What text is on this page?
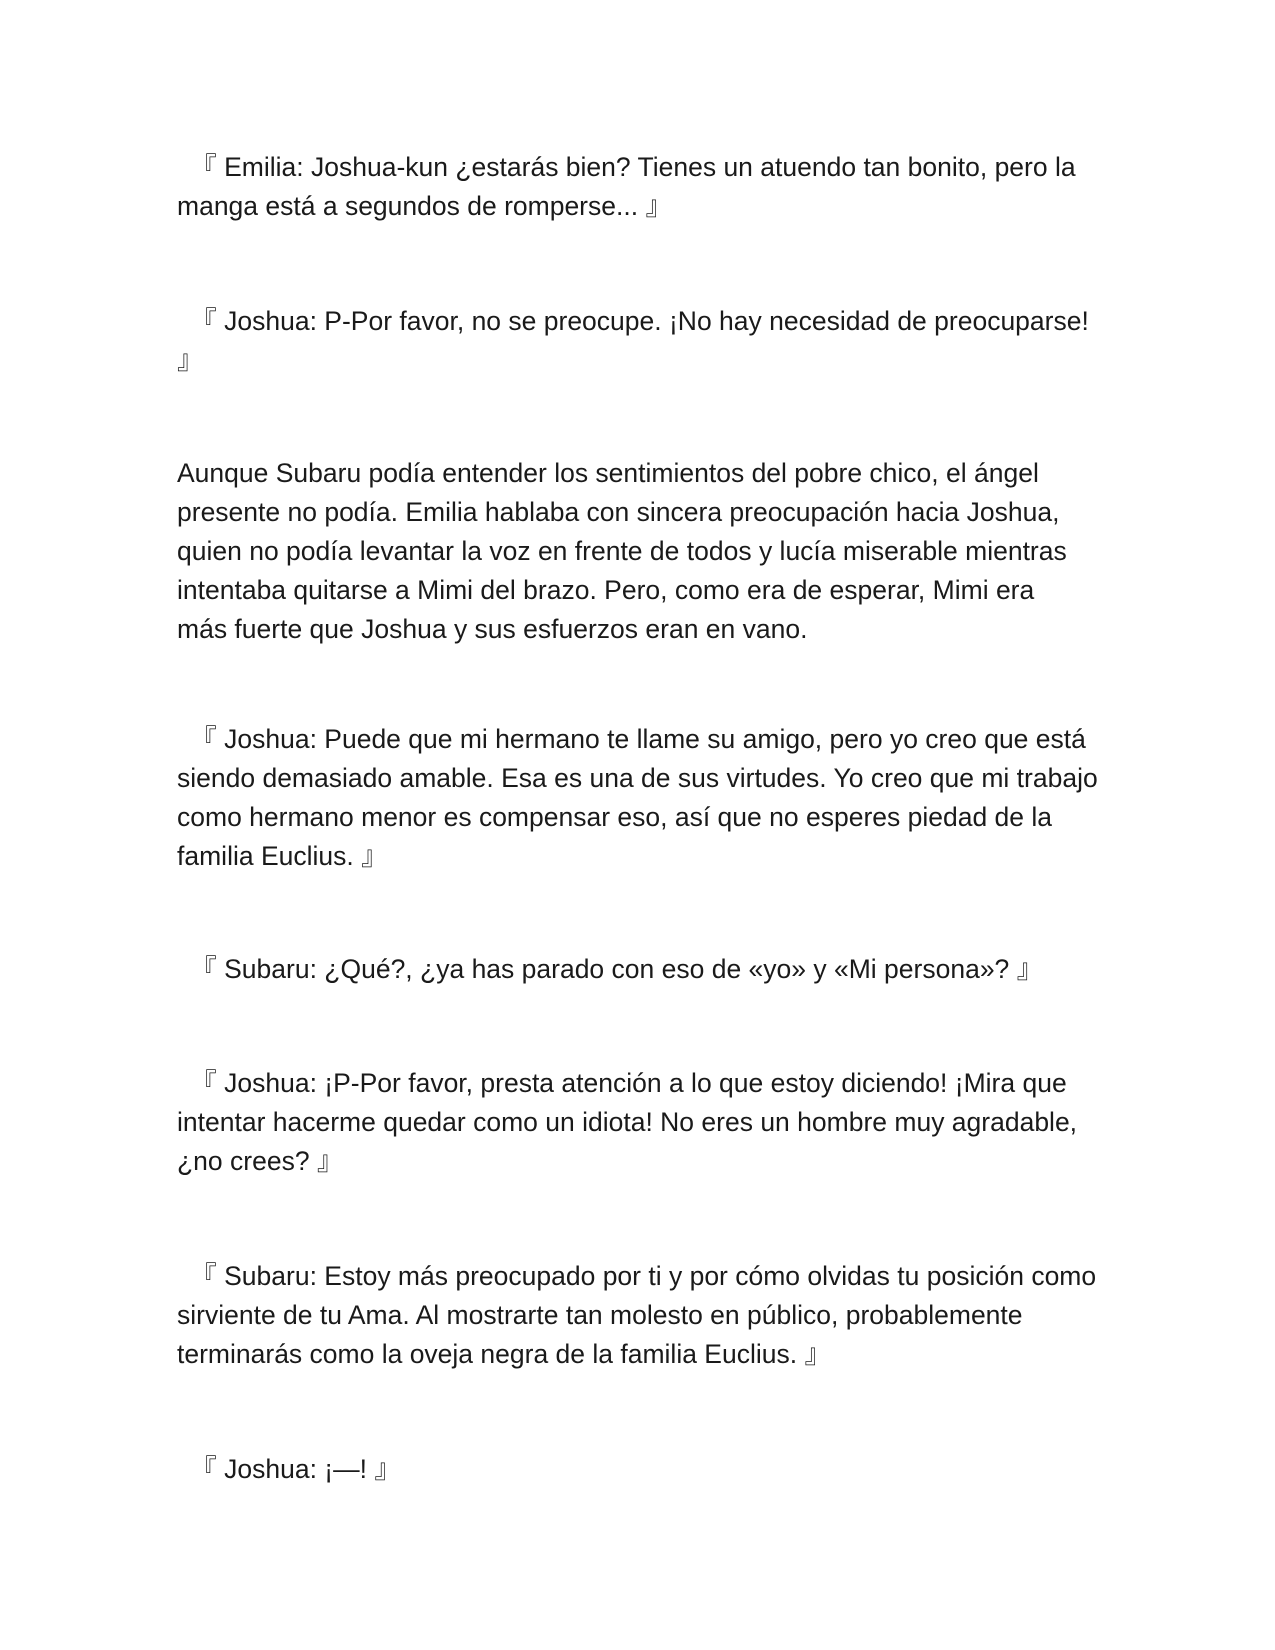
　『 Emilia: Joshua-kun ¿estarás bien? Tienes un atuendo tan bonito, pero la
manga está a segundos de romperse... 』

　『 Joshua: P-Por favor, no se preocupe. ¡No hay necesidad de preocuparse!
』

Aunque Subaru podía entender los sentimientos del pobre chico, el ángel
presente no podía. Emilia hablaba con sincera preocupación hacia Joshua,
quien no podía levantar la voz en frente de todos y lucía miserable mientras
intentaba quitarse a Mimi del brazo. Pero, como era de esperar, Mimi era
más fuerte que Joshua y sus esfuerzos eran en vano.

　『 Joshua: Puede que mi hermano te llame su amigo, pero yo creo que está
siendo demasiado amable. Esa es una de sus virtudes. Yo creo que mi trabajo
como hermano menor es compensar eso, así que no esperes piedad de la
familia Euclius. 』

　『 Subaru: ¿Qué?, ¿ya has parado con eso de «yo» y «Mi persona»? 』

　『 Joshua: ¡P-Por favor, presta atención a lo que estoy diciendo! ¡Mira que
intentar hacerme quedar como un idiota! No eres un hombre muy agradable,
¿no crees? 』

　『 Subaru: Estoy más preocupado por ti y por cómo olvidas tu posición como
sirviente de tu Ama. Al mostrarte tan molesto en público, probablemente
terminarás como la oveja negra de la familia Euclius. 』

　『 Joshua: ¡—! 』
